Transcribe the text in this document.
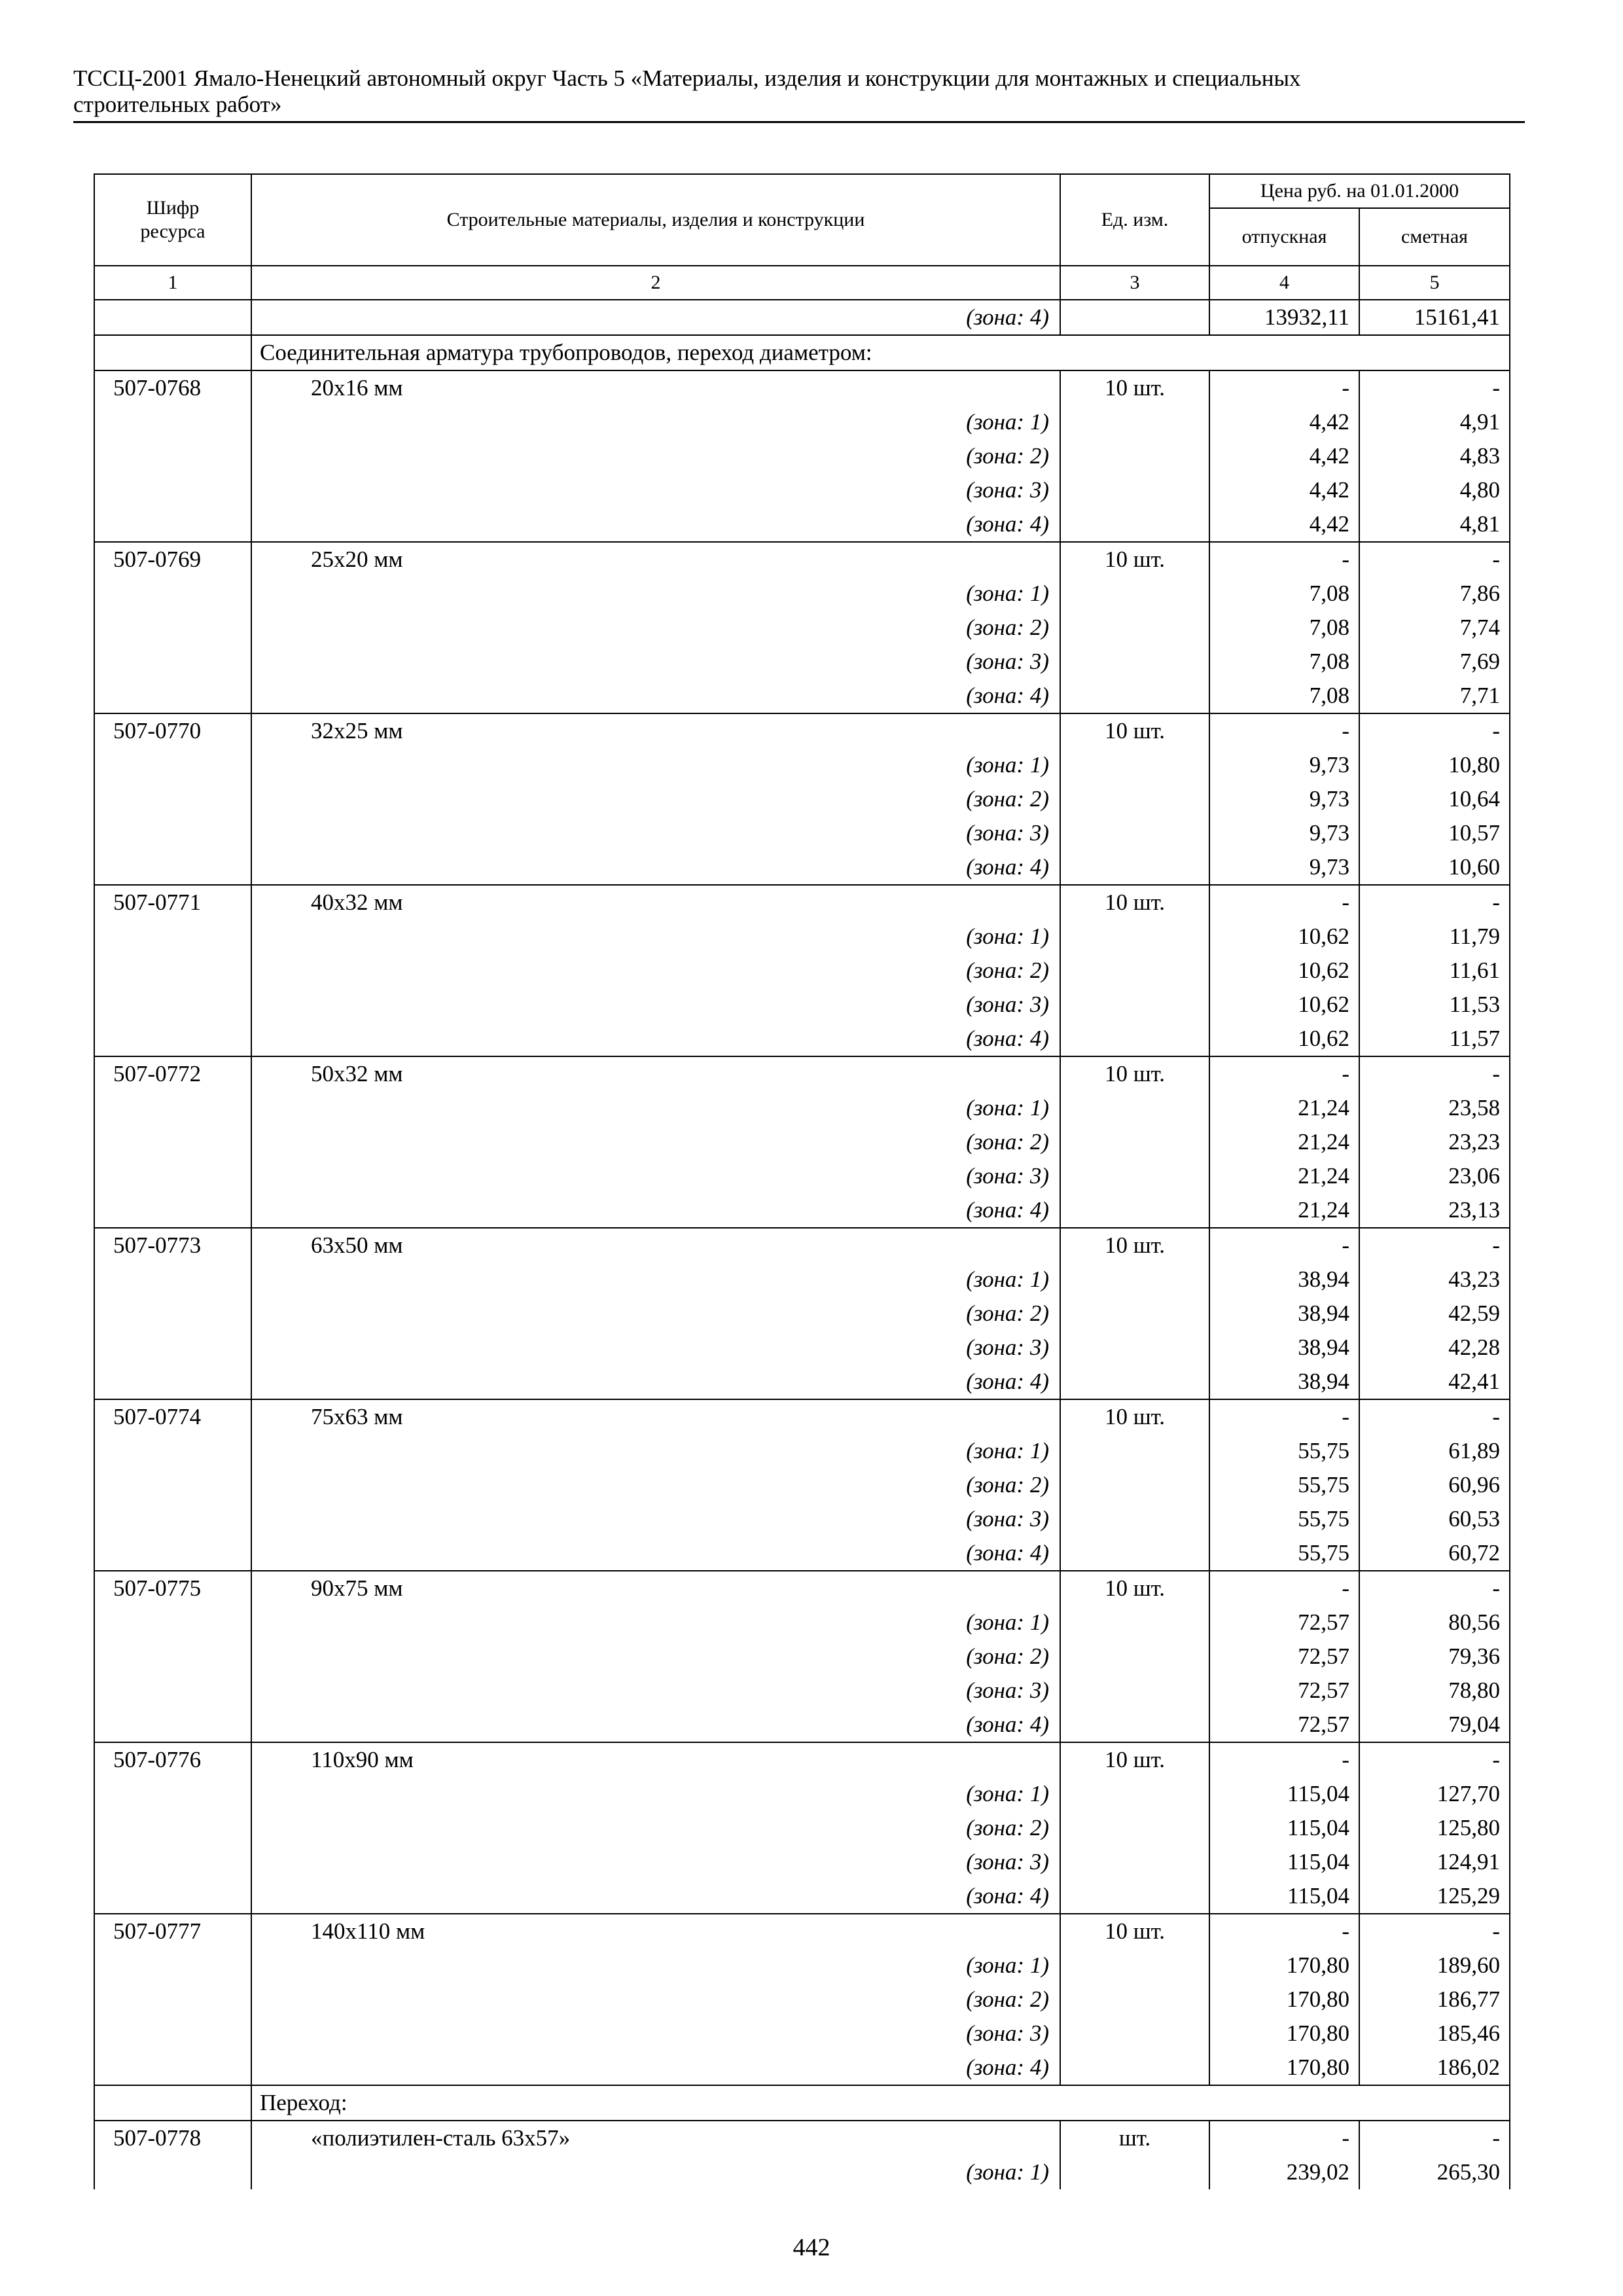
ТССЦ-2001 Ямало-Ненецкий автономный округ Часть 5 «Материалы, изделия и конструкции для монтажных и специальных
строительных работ»
Шифр ресурса	Строительные материалы, изделия и конструкции	Ед. изм.	Цена руб. на 01.01.2000	
			отпускная	сметная
1	2	3	4	5

	(зона: 4)		13932,11	15161,41
	Соединительная арматура трубопроводов, переход диаметром:			
507-0768	20х16 мм	10 шт.	-	-

	(зона: 1)		4,42	4,91

	(зона: 2)		4,42	4,83

	(зона: 3)		4,42	4,80

	(зона: 4)		4,42	4,81
507-0769	25х20 мм	10 шт.	-	-

	(зона: 1)		7,08	7,86

	(зона: 2)		7,08	7,74

	(зона: 3)		7,08	7,69

	(зона: 4)		7,08	7,71
507-0770	32х25 мм	10 шт.	-	-

	(зона: 1)		9,73	10,80

	(зона: 2)		9,73	10,64

	(зона: 3)		9,73	10,57

	(зона: 4)		9,73	10,60
507-0771	40х32 мм	10 шт.	-	-

	(зона: 1)		10,62	11,79

	(зона: 2)		10,62	11,61

	(зона: 3)		10,62	11,53

	(зона: 4)		10,62	11,57
507-0772	50х32 мм	10 шт.	-	-

	(зона: 1)		21,24	23,58

	(зона: 2)		21,24	23,23

	(зона: 3)		21,24	23,06

	(зона: 4)		21,24	23,13
507-0773	63х50 мм	10 шт.	-	-

	(зона: 1)		38,94	43,23

	(зона: 2)		38,94	42,59

	(зона: 3)		38,94	42,28

	(зона: 4)		38,94	42,41
507-0774	75х63 мм	10 шт.	-	-

	(зона: 1)		55,75	61,89

	(зона: 2)		55,75	60,96

	(зона: 3)		55,75	60,53

	(зона: 4)		55,75	60,72
507-0775	90х75 мм	10 шт.	-	-

	(зона: 1)		72,57	80,56

	(зона: 2)		72,57	79,36

	(зона: 3)		72,57	78,80

	(зона: 4)		72,57	79,04
507-0776	110х90 мм	10 шт.	-	-

	(зона: 1)		115,04	127,70

	(зона: 2)		115,04	125,80

	(зона: 3)		115,04	124,91

	(зона: 4)		115,04	125,29
507-0777	140х110 мм	10 шт.	-	-

	(зона: 1)		170,80	189,60

	(зона: 2)		170,80	186,77

	(зона: 3)		170,80	185,46

	(зона: 4)		170,80	186,02
	Переход:			
507-0778	«полиэтилен-сталь 63х57»	шт.	-	-

	(зона: 1)		239,02	265,30
442
